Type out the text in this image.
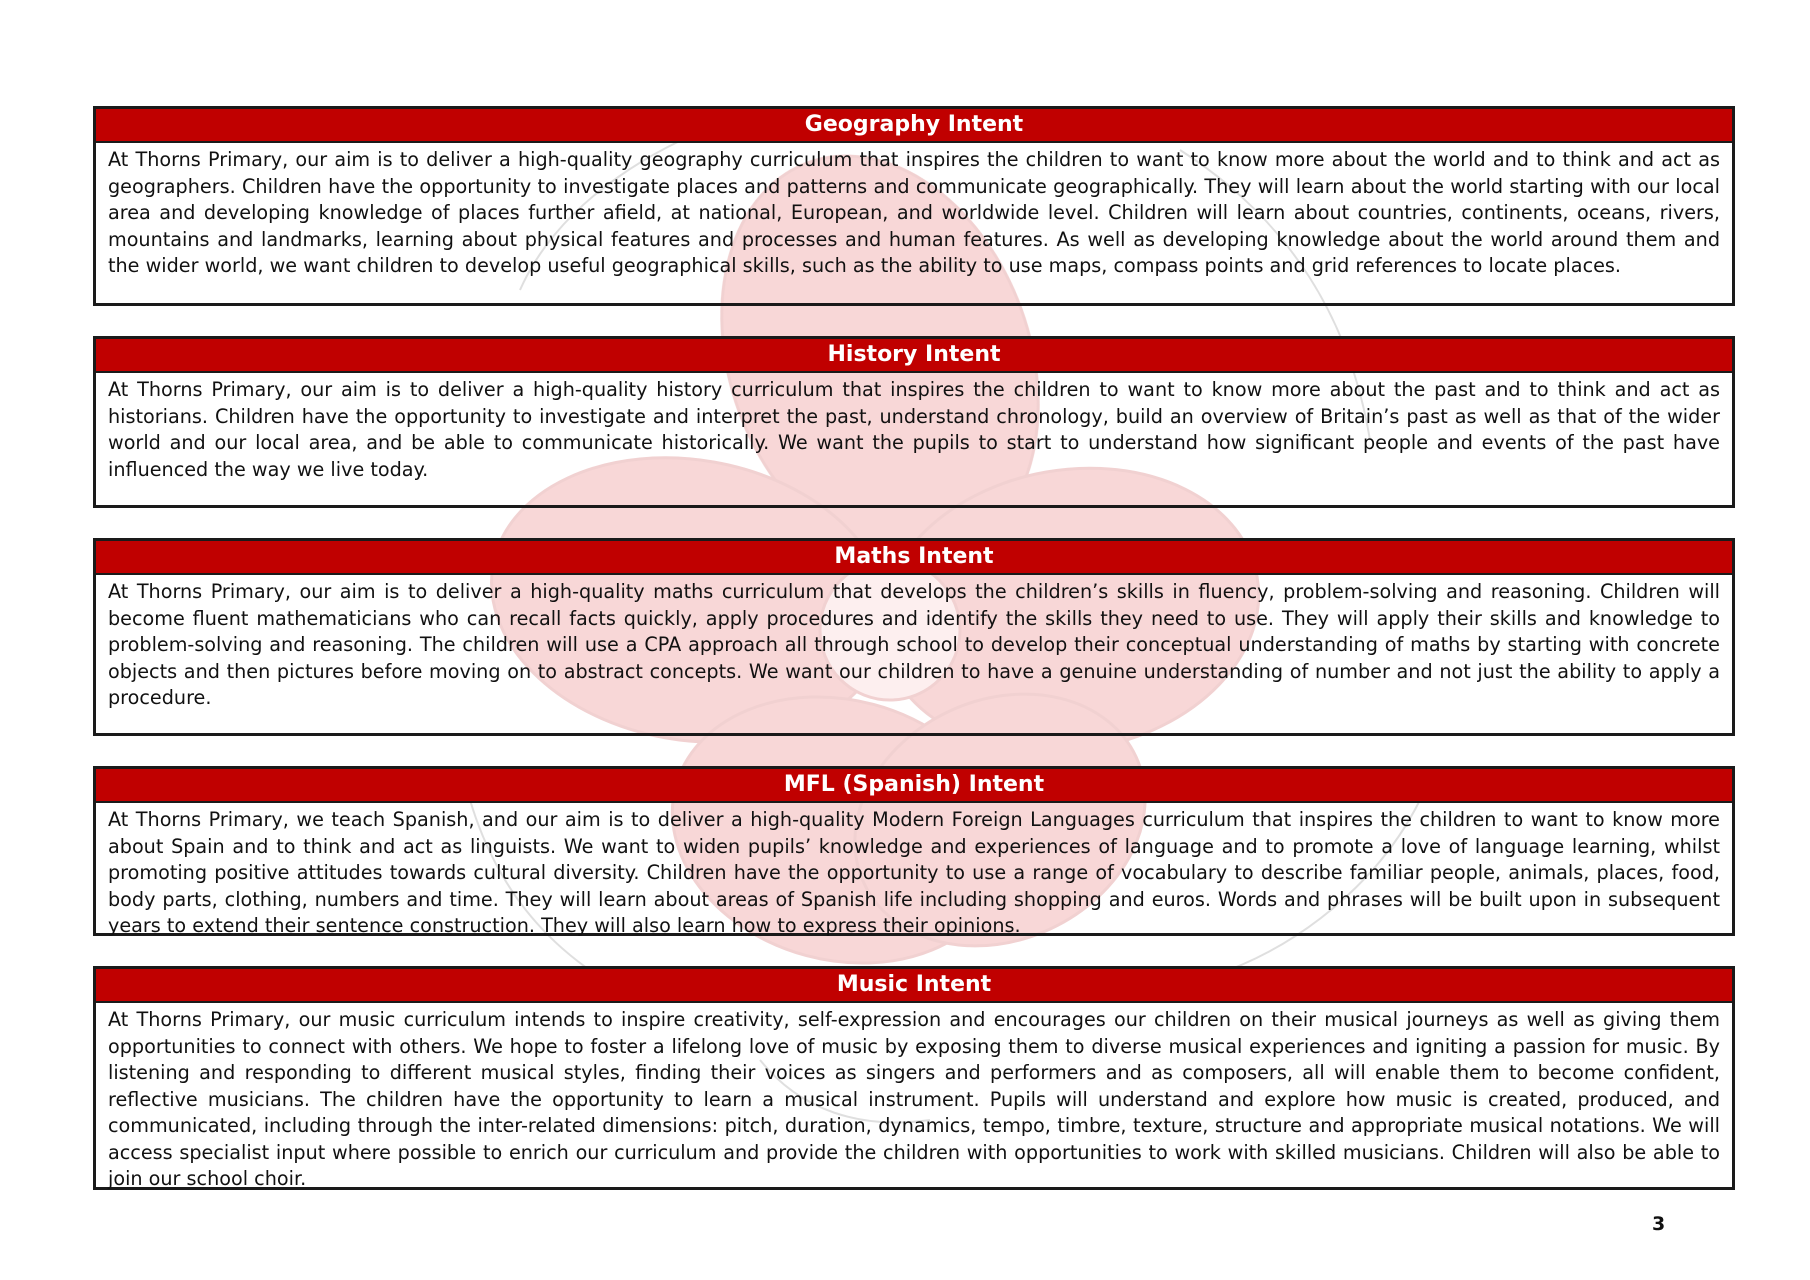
Geography Intent
At Thorns Primary, our aim is to deliver a high-quality geography curriculum that inspires the children to want to know more about the world and to think and act as geographers. Children have the opportunity to investigate places and patterns and communicate geographically. They will learn about the world starting with our local area and developing knowledge of places further afield, at national, European, and worldwide level. Children will learn about countries, continents, oceans, rivers, mountains and landmarks, learning about physical features and processes and human features. As well as developing knowledge about the world around them and the wider world, we want children to develop useful geographical skills, such as the ability to use maps, compass points and grid references to locate places.
History Intent
At Thorns Primary, our aim is to deliver a high-quality history curriculum that inspires the children to want to know more about the past and to think and act as historians. Children have the opportunity to investigate and interpret the past, understand chronology, build an overview of Britain’s past as well as that of the wider world and our local area, and be able to communicate historically. We want the pupils to start to understand how significant people and events of the past have influenced the way we live today.
Maths Intent
At Thorns Primary, our aim is to deliver a high-quality maths curriculum that develops the children’s skills in fluency, problem-solving and reasoning. Children will become fluent mathematicians who can recall facts quickly, apply procedures and identify the skills they need to use. They will apply their skills and knowledge to problem-solving and reasoning. The children will use a CPA approach all through school to develop their conceptual understanding of maths by starting with concrete objects and then pictures before moving on to abstract concepts. We want our children to have a genuine understanding of number and not just the ability to apply a procedure.
MFL (Spanish) Intent
At Thorns Primary, we teach Spanish, and our aim is to deliver a high-quality Modern Foreign Languages curriculum that inspires the children to want to know more about Spain and to think and act as linguists. We want to widen pupils’ knowledge and experiences of language and to promote a love of language learning, whilst promoting positive attitudes towards cultural diversity. Children have the opportunity to use a range of vocabulary to describe familiar people, animals, places, food, body parts, clothing, numbers and time. They will learn about areas of Spanish life including shopping and euros. Words and phrases will be built upon in subsequent years to extend their sentence construction. They will also learn how to express their opinions.
Music Intent
At Thorns Primary, our music curriculum intends to inspire creativity, self-expression and encourages our children on their musical journeys as well as giving them opportunities to connect with others. We hope to foster a lifelong love of music by exposing them to diverse musical experiences and igniting a passion for music. By listening and responding to different musical styles, finding their voices as singers and performers and as composers, all will enable them to become confident, reflective musicians. The children have the opportunity to learn a musical instrument. Pupils will understand and explore how music is created, produced, and communicated, including through the inter-related dimensions: pitch, duration, dynamics, tempo, timbre, texture, structure and appropriate musical notations. We will access specialist input where possible to enrich our curriculum and provide the children with opportunities to work with skilled musicians. Children will also be able to join our school choir.
3
